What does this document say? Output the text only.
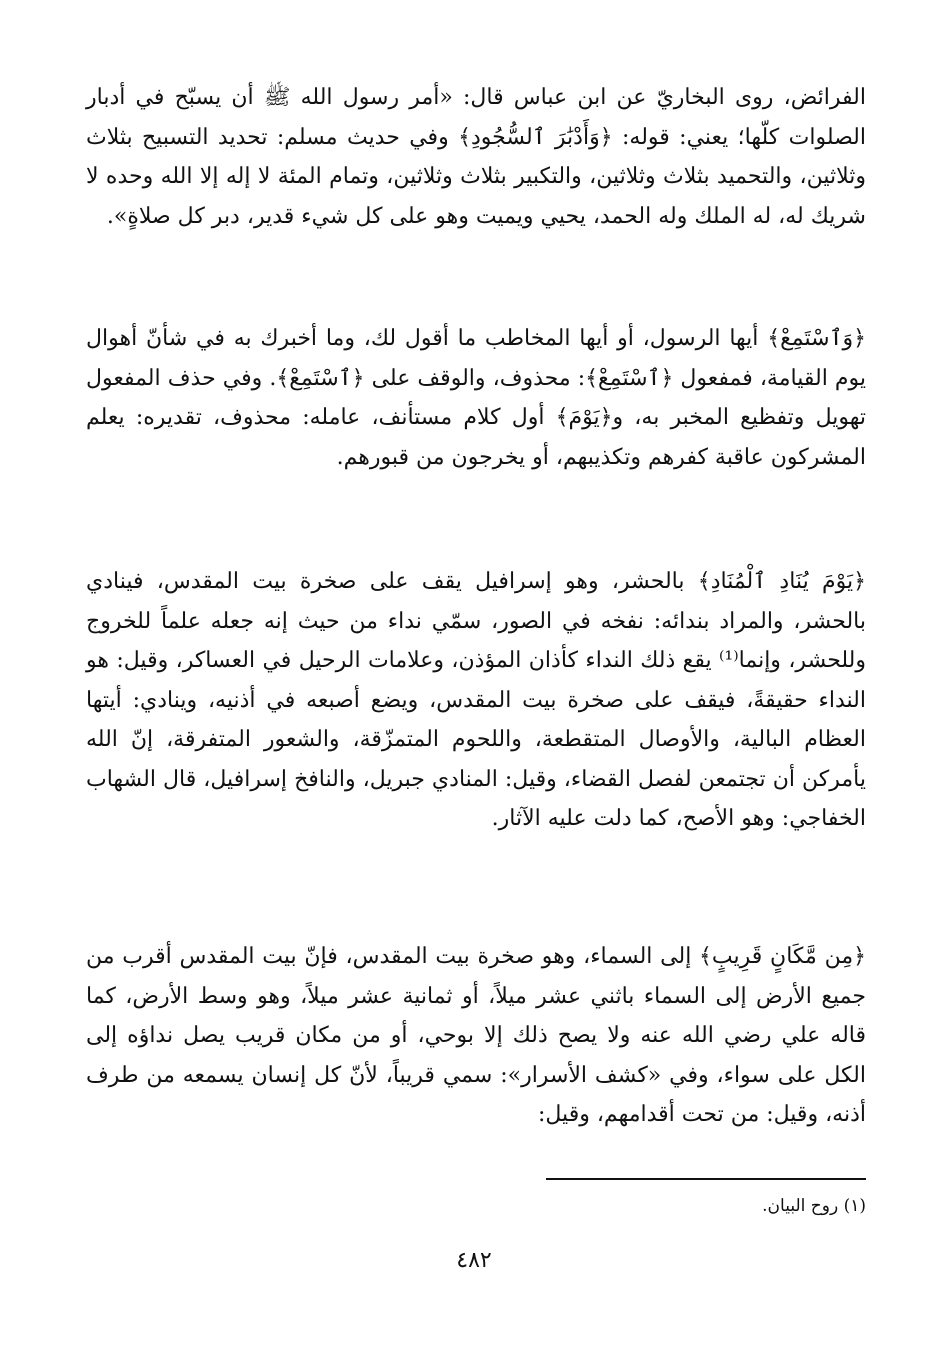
الفرائض، روى البخاريّ عن ابن عباس قال: «أمر رسول الله ﷺ أن يسبّح في أدبار الصلوات كلّها؛ يعني: قوله: ﴿وَأَدْبَٰرَ ٱلسُّجُودِ﴾ وفي حديث مسلم: تحديد التسبيح بثلاث وثلاثين، والتحميد بثلاث وثلاثين، والتكبير بثلاث وثلاثين، وتمام المئة لا إله إلا الله وحده لا شريك له، له الملك وله الحمد، يحيي ويميت وهو على كل شيء قدير، دبر كل صلاةٍ».

﴿وَٱسْتَمِعْ﴾ أيها الرسول، أو أيها المخاطب ما أقول لك، وما أخبرك به في شأنّ أهوال يوم القيامة، فمفعول ﴿ٱسْتَمِعْ﴾: محذوف، والوقف على ﴿ٱسْتَمِعْ﴾. وفي حذف المفعول تهويل وتفظيع المخبر به، و﴿يَوْمَ﴾ أول كلام مستأنف، عامله: محذوف، تقديره: يعلم المشركون عاقبة كفرهم وتكذيبهم، أو يخرجون من قبورهم.

﴿يَوْمَ يُنَادِ ٱلْمُنَادِ﴾ بالحشر، وهو إسرافيل يقف على صخرة بيت المقدس، فينادي بالحشر، والمراد بندائه: نفخه في الصور، سمّي نداء من حيث إنه جعله علماً للخروج وللحشر، وإنما⁽¹⁾ يقع ذلك النداء كأذان المؤذن، وعلامات الرحيل في العساكر، وقيل: هو النداء حقيقةً، فيقف على صخرة بيت المقدس، ويضع أصبعه في أذنيه، وينادي: أيتها العظام البالية، والأوصال المتقطعة، واللحوم المتمزّقة، والشعور المتفرقة، إنّ الله يأمركن أن تجتمعن لفصل القضاء، وقيل: المنادي جبريل، والنافخ إسرافيل، قال الشهاب الخفاجي: وهو الأصح، كما دلت عليه الآثار.

﴿مِن مَّكَانٍ قَرِيبٍ﴾ إلى السماء، وهو صخرة بيت المقدس، فإنّ بيت المقدس أقرب من جميع الأرض إلى السماء باثني عشر ميلاً، أو ثمانية عشر ميلاً، وهو وسط الأرض، كما قاله علي رضي الله عنه ولا يصح ذلك إلا بوحي، أو من مكان قريب يصل نداؤه إلى الكل على سواء، وفي «كشف الأسرار»: سمي قريباً، لأنّ كل إنسان يسمعه من طرف أذنه، وقيل: من تحت أقدامهم، وقيل:

(١) روح البيان.
٤٨٢
